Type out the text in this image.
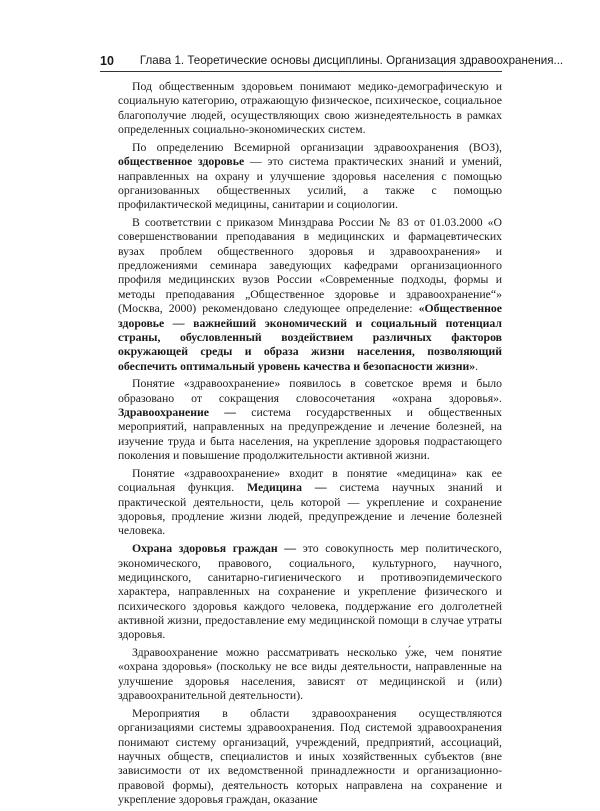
10 Глава 1. Теоретические основы дисциплины. Организация здравоохранения...

Под общественным здоровьем понимают медико-демографическую и социальную категорию, отражающую физическое, психическое, социальное благополучие людей, осуществляющих свою жизнедеятельность в рамках определенных социально-экономических систем.

По определению Всемирной организации здравоохранения (ВОЗ), общественное здоровье — это система практических знаний и умений, направленных на охрану и улучшение здоровья населения с помощью организованных общественных усилий, а также с помощью профилактической медицины, санитарии и социологии.

В соответствии с приказом Минздрава России № 83 от 01.03.2000 «О совершенствовании преподавания в медицинских и фармацевтических вузах проблем общественного здоровья и здравоохранения» и предложениями семинара заведующих кафедрами организационного профиля медицинских вузов России «Современные подходы, формы и методы преподавания „Общественное здоровье и здравоохранение“» (Москва, 2000) рекомендовано следующее определение: «Общественное здоровье — важнейший экономический и социальный потенциал страны, обусловленный воздействием различных факторов окружающей среды и образа жизни населения, позволяющий обеспечить оптимальный уровень качества и безопасности жизни».

Понятие «здравоохранение» появилось в советское время и было образовано от сокращения словосочетания «охрана здоровья». Здравоохранение — система государственных и общественных мероприятий, направленных на предупреждение и лечение болезней, на изучение труда и быта населения, на укрепление здоровья подрастающего поколения и повышение продолжительности активной жизни.

Понятие «здравоохранение» входит в понятие «медицина» как ее социальная функция. Медицина — система научных знаний и практической деятельности, цель которой — укрепление и сохранение здоровья, продление жизни людей, предупреждение и лечение болезней человека.

Охрана здоровья граждан — это совокупность мер политического, экономического, правового, социального, культурного, научного, медицинского, санитарно-гигиенического и противоэпидемического характера, направленных на сохранение и укрепление физического и психического здоровья каждого человека, поддержание его долголетней активной жизни, предоставление ему медицинской помощи в случае утраты здоровья.

Здравоохранение можно рассматривать несколько у́же, чем понятие «охрана здоровья» (поскольку не все виды деятельности, направленные на улучшение здоровья населения, зависят от медицинской и (или) здравоохранительной деятельности).

Мероприятия в области здравоохранения осуществляются организациями системы здравоохранения. Под системой здравоохранения понимают систему организаций, учреждений, предприятий, ассоциаций, научных обществ, специалистов и иных хозяйственных субъектов (вне зависимости от их ведомственной принадлежности и организационно-правовой формы), деятельность которых направлена на сохранение и укрепление здоровья граждан, оказание
